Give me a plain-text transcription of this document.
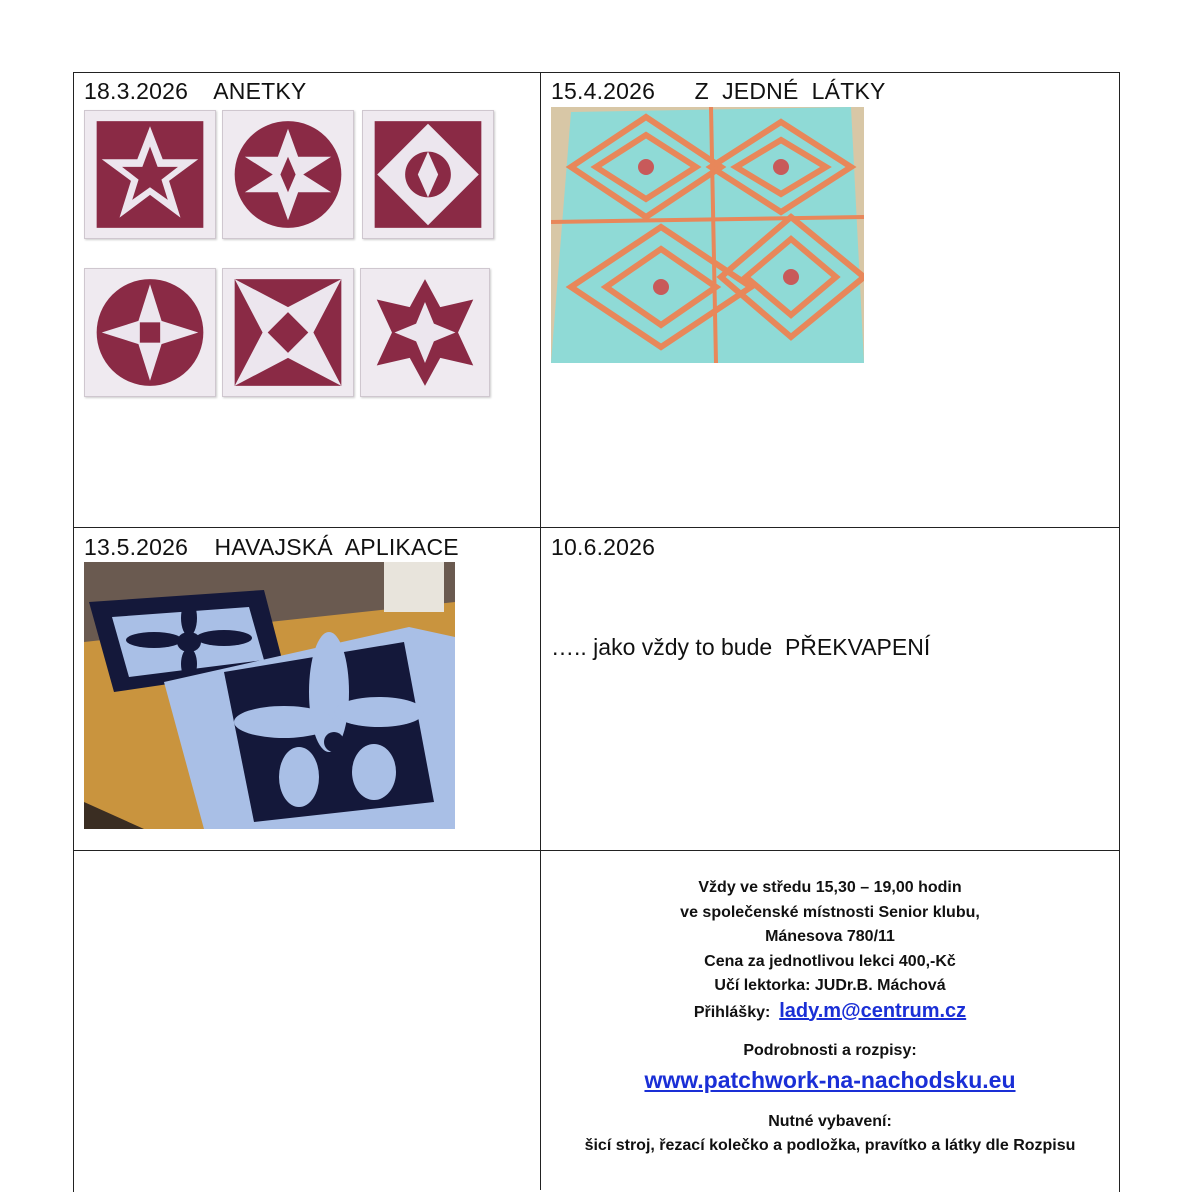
18.3.2026 ANETKY	15.4.2026 Z  JEDNÉ  LÁTKY
13.5.2026 HAVAJSKÁ  APLIKACE	10.6.2026
….. jako vždy to bude  PŘEKVAPENÍ
Vždy ve středu 15,30 – 19,00 hodin
ve společenské místnosti Senior klubu,
Mánesova 780/11
Cena za jednotlivou lekci 400,-Kč
Učí lektorka: JUDr.B. Máchová
Přihlášky: lady.m@centrum.cz
Podrobnosti a rozpisy:
www.patchwork-na-nachodsku.eu
Nutné vybavení:
šicí stroj, řezací kolečko a podložka, pravítko a látky dle Rozpisu
